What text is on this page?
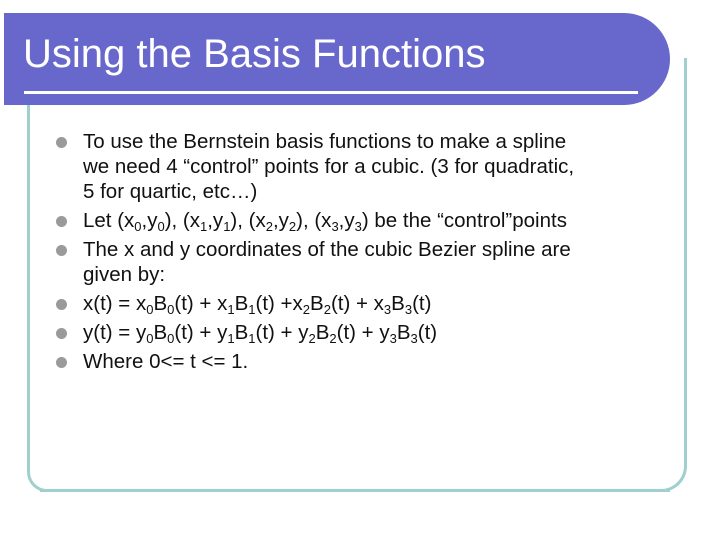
Using the Basis Functions
To use the Bernstein basis functions to make a spline
we need 4 “control” points for a cubic. (3 for quadratic,
5 for quartic, etc…)
Let $(x_0,y_0)$, $(x_1,y_1)$, $(x_2,y_2)$, $(x_3,y_3)$ be the “control”points
The x and y coordinates of the cubic Bezier spline are
given by:
$x(t) = x_0B_0(t) + x_1B_1(t) +x_2B_2(t) + x_3B_3(t)$
$y(t) = y_0B_0(t) + y_1B_1(t) + y_2B_2(t) + y_3B_3(t)$
Where 0<= t <= 1.
